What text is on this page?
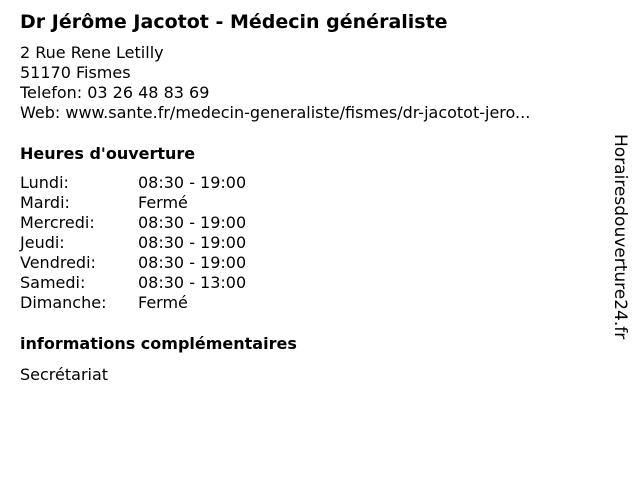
Dr Jérôme Jacotot - Médecin généraliste
2 Rue Rene Letilly
51170 Fismes
Telefon: 03 26 48 83 69
Web: www.sante.fr/medecin-generaliste/fismes/dr-jacotot-jero...
Heures d'ouverture
Lundi:	08:30 - 19:00
Mardi:	Fermé
Mercredi:	08:30 - 19:00
Jeudi:	08:30 - 19:00
Vendredi:	08:30 - 19:00
Samedi:	08:30 - 13:00
Dimanche:	Fermé
informations complémentaires
Secrétariat
Horairesdouverture24.fr
